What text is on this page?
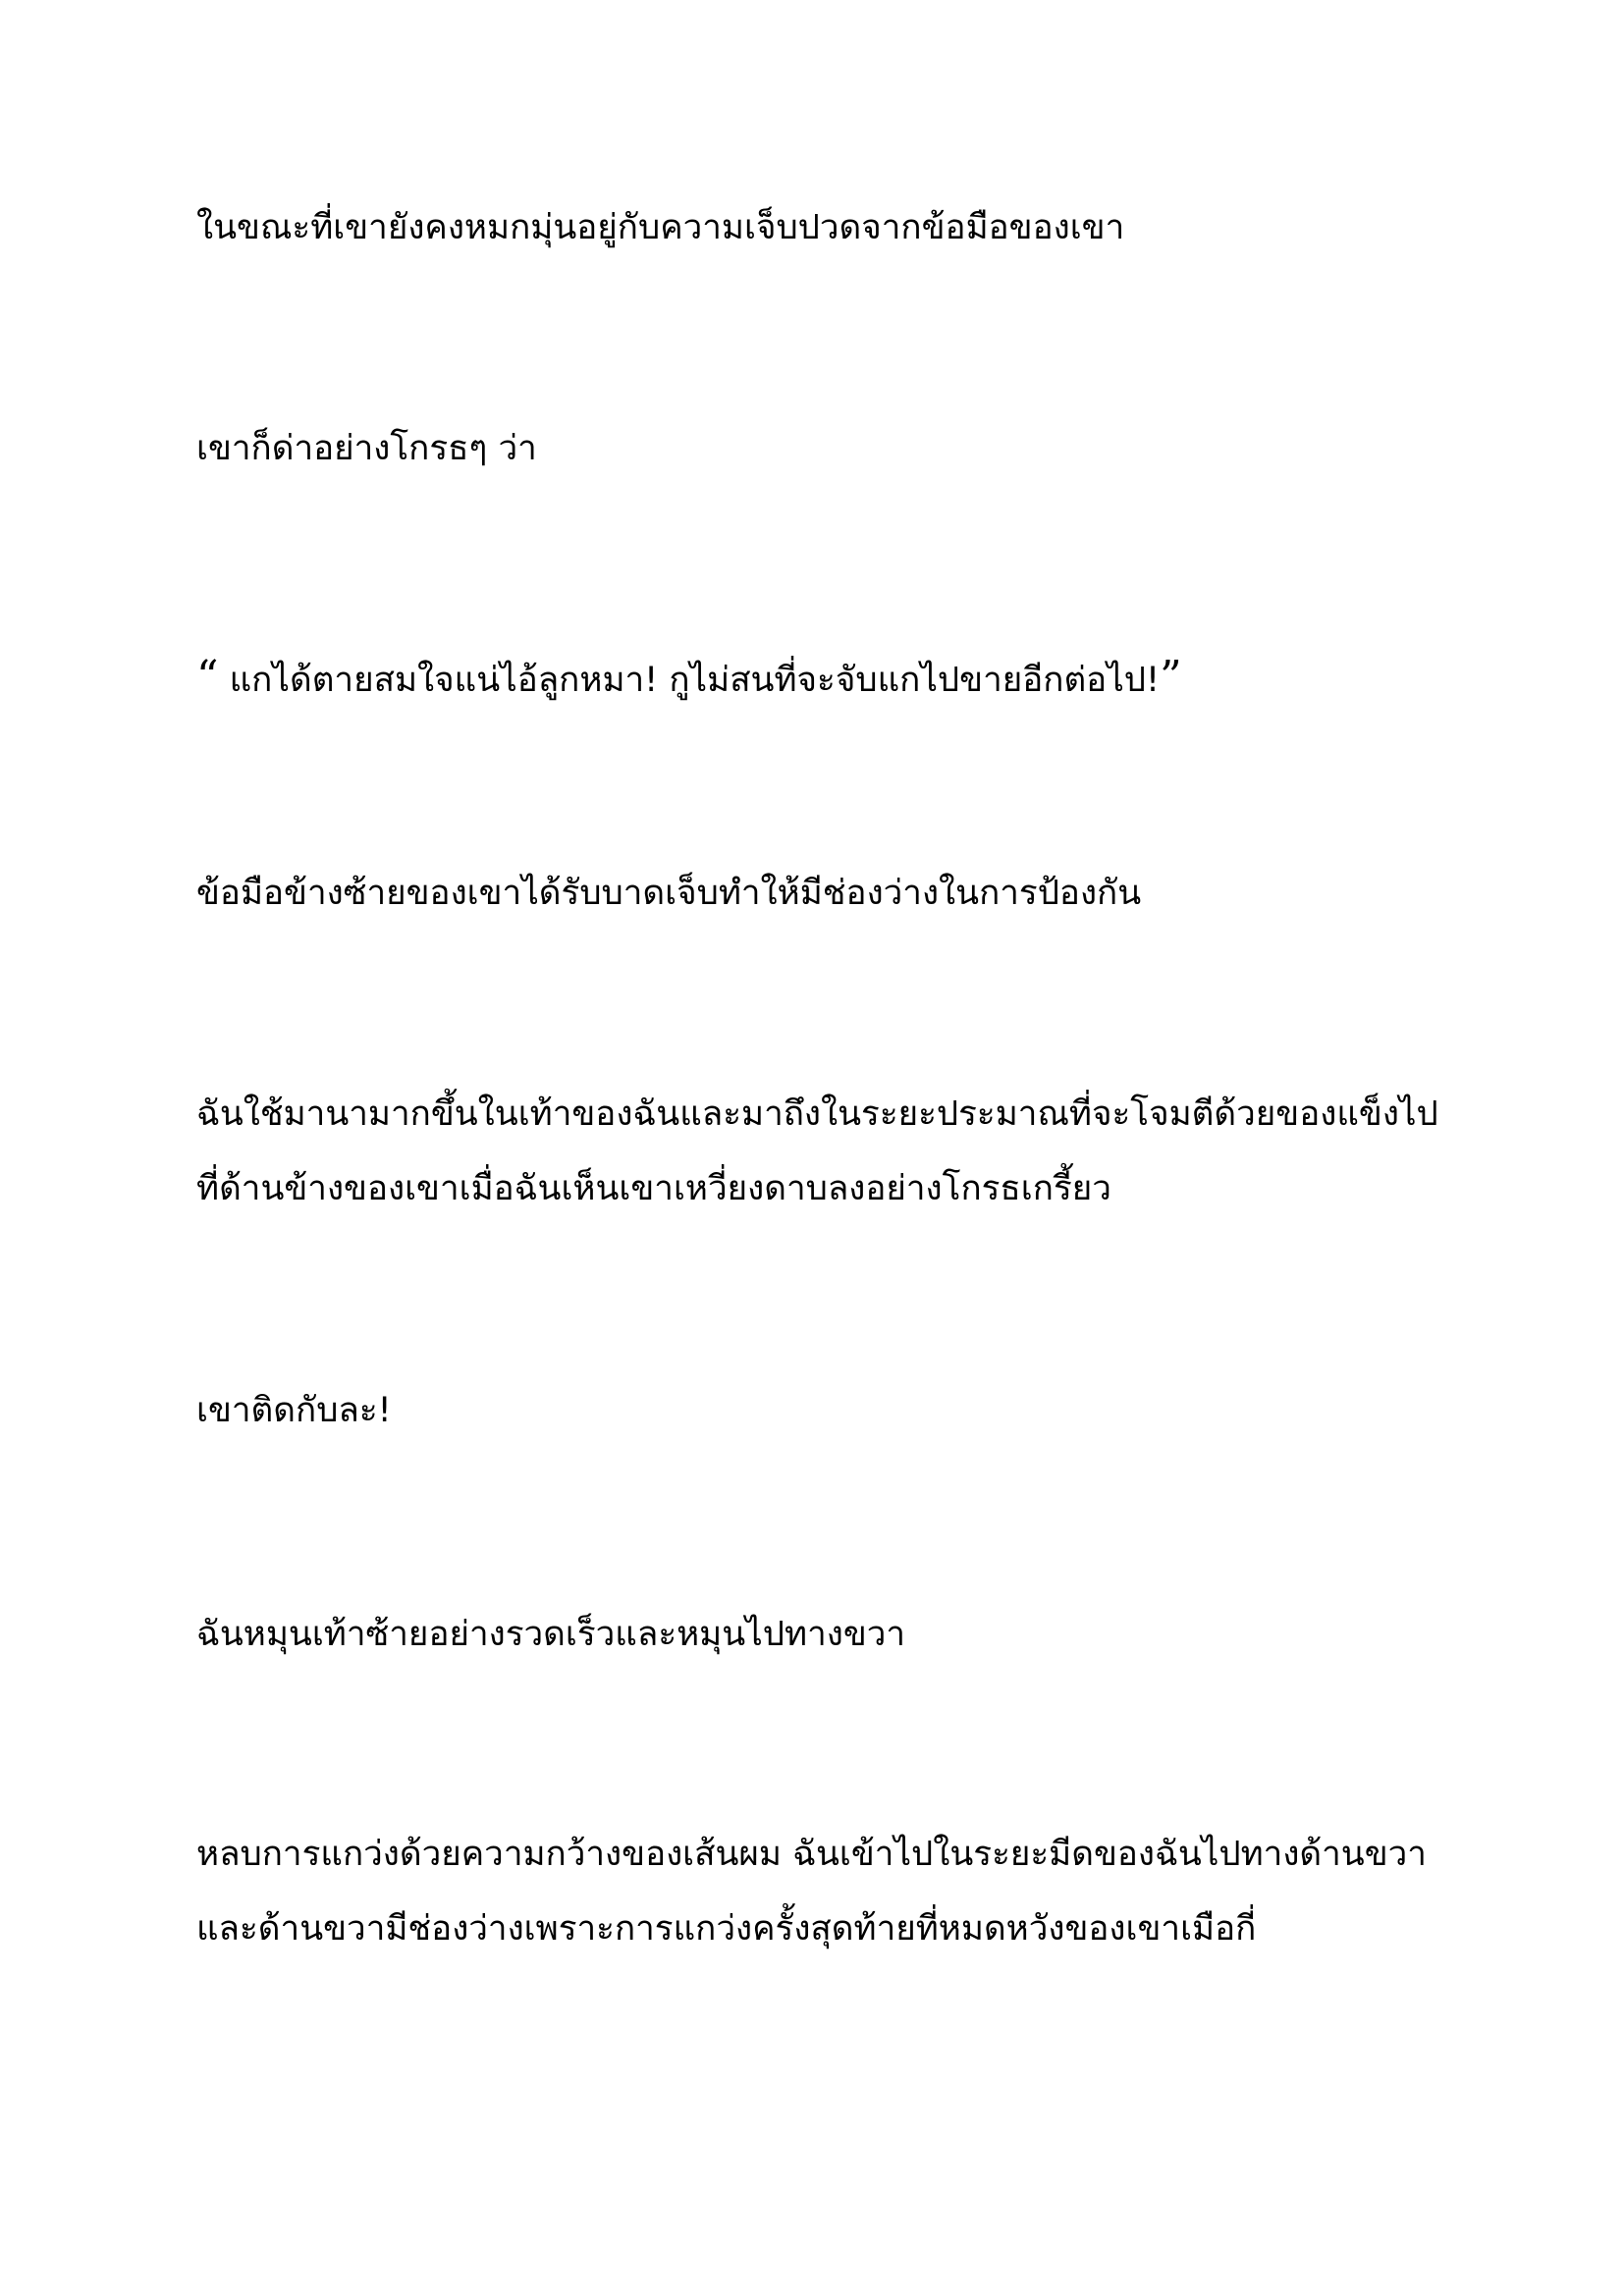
ในขณะที่เขายังคงหมกมุ่นอยู่กับความเจ็บปวดจากข้อมือของเขา

เขาก็ด่าอย่างโกรธๆ ว่า

“ แกได้ตายสมใจแน่ไอ้ลูกหมา! กูไม่สนที่จะจับแกไปขายอีกต่อไป!”

ข้อมือข้างซ้ายของเขาได้รับบาดเจ็บทำให้มีช่องว่างในการป้องกัน

ฉันใช้มานามากขึ้นในเท้าของฉันและมาถึงในระยะประมาณที่จะโจมตีด้วยของแข็งไป
ที่ด้านข้างของเขาเมื่อฉันเห็นเขาเหวี่ยงดาบลงอย่างโกรธเกรี้ยว

เขาติดกับละ!

ฉันหมุนเท้าซ้ายอย่างรวดเร็วและหมุนไปทางขวา

หลบการแกว่งด้วยความกว้างของเส้นผม ฉันเข้าไปในระยะมีดของฉันไปทางด้านขวา
และด้านขวามีช่องว่างเพราะการแกว่งครั้งสุดท้ายที่หมดหวังของเขาเมือกี่
